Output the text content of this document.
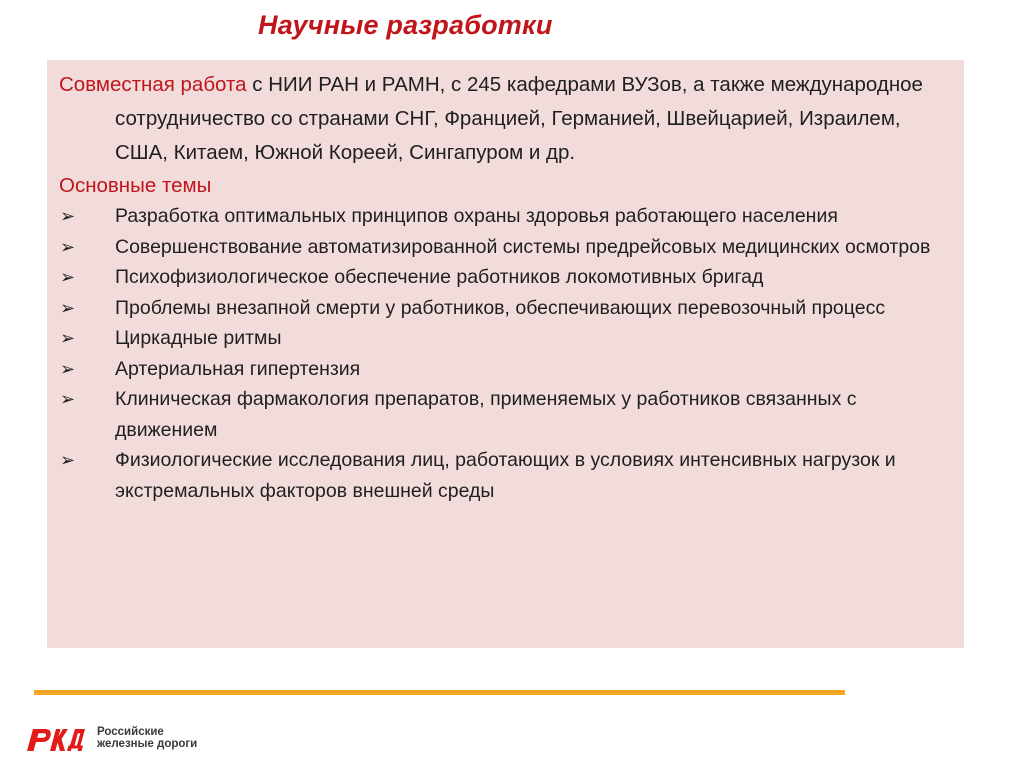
Научные разработки

Совместная работа с НИИ РАН и РАМН, с 245 кафедрами ВУЗов, а также международное сотрудничество со странами СНГ, Францией, Германией, Швейцарией, Израилем, США, Китаем, Южной Кореей, Сингапуром и др.

Основные темы

➢	Разработка оптимальных принципов охраны здоровья работающего населения
➢	Совершенствование автоматизированной системы предрейсовых медицинских осмотров
➢	Психофизиологическое обеспечение работников локомотивных бригад
➢	Проблемы внезапной смерти у работников, обеспечивающих перевозочный процесс
➢	Циркадные ритмы
➢	Артериальная гипертензия
➢	Клиническая фармакология препаратов, применяемых у работников связанных с движением
➢	Физиологические исследования лиц, работающих в условиях интенсивных нагрузок и экстремальных факторов внешней среды
Российские
железные дороги
